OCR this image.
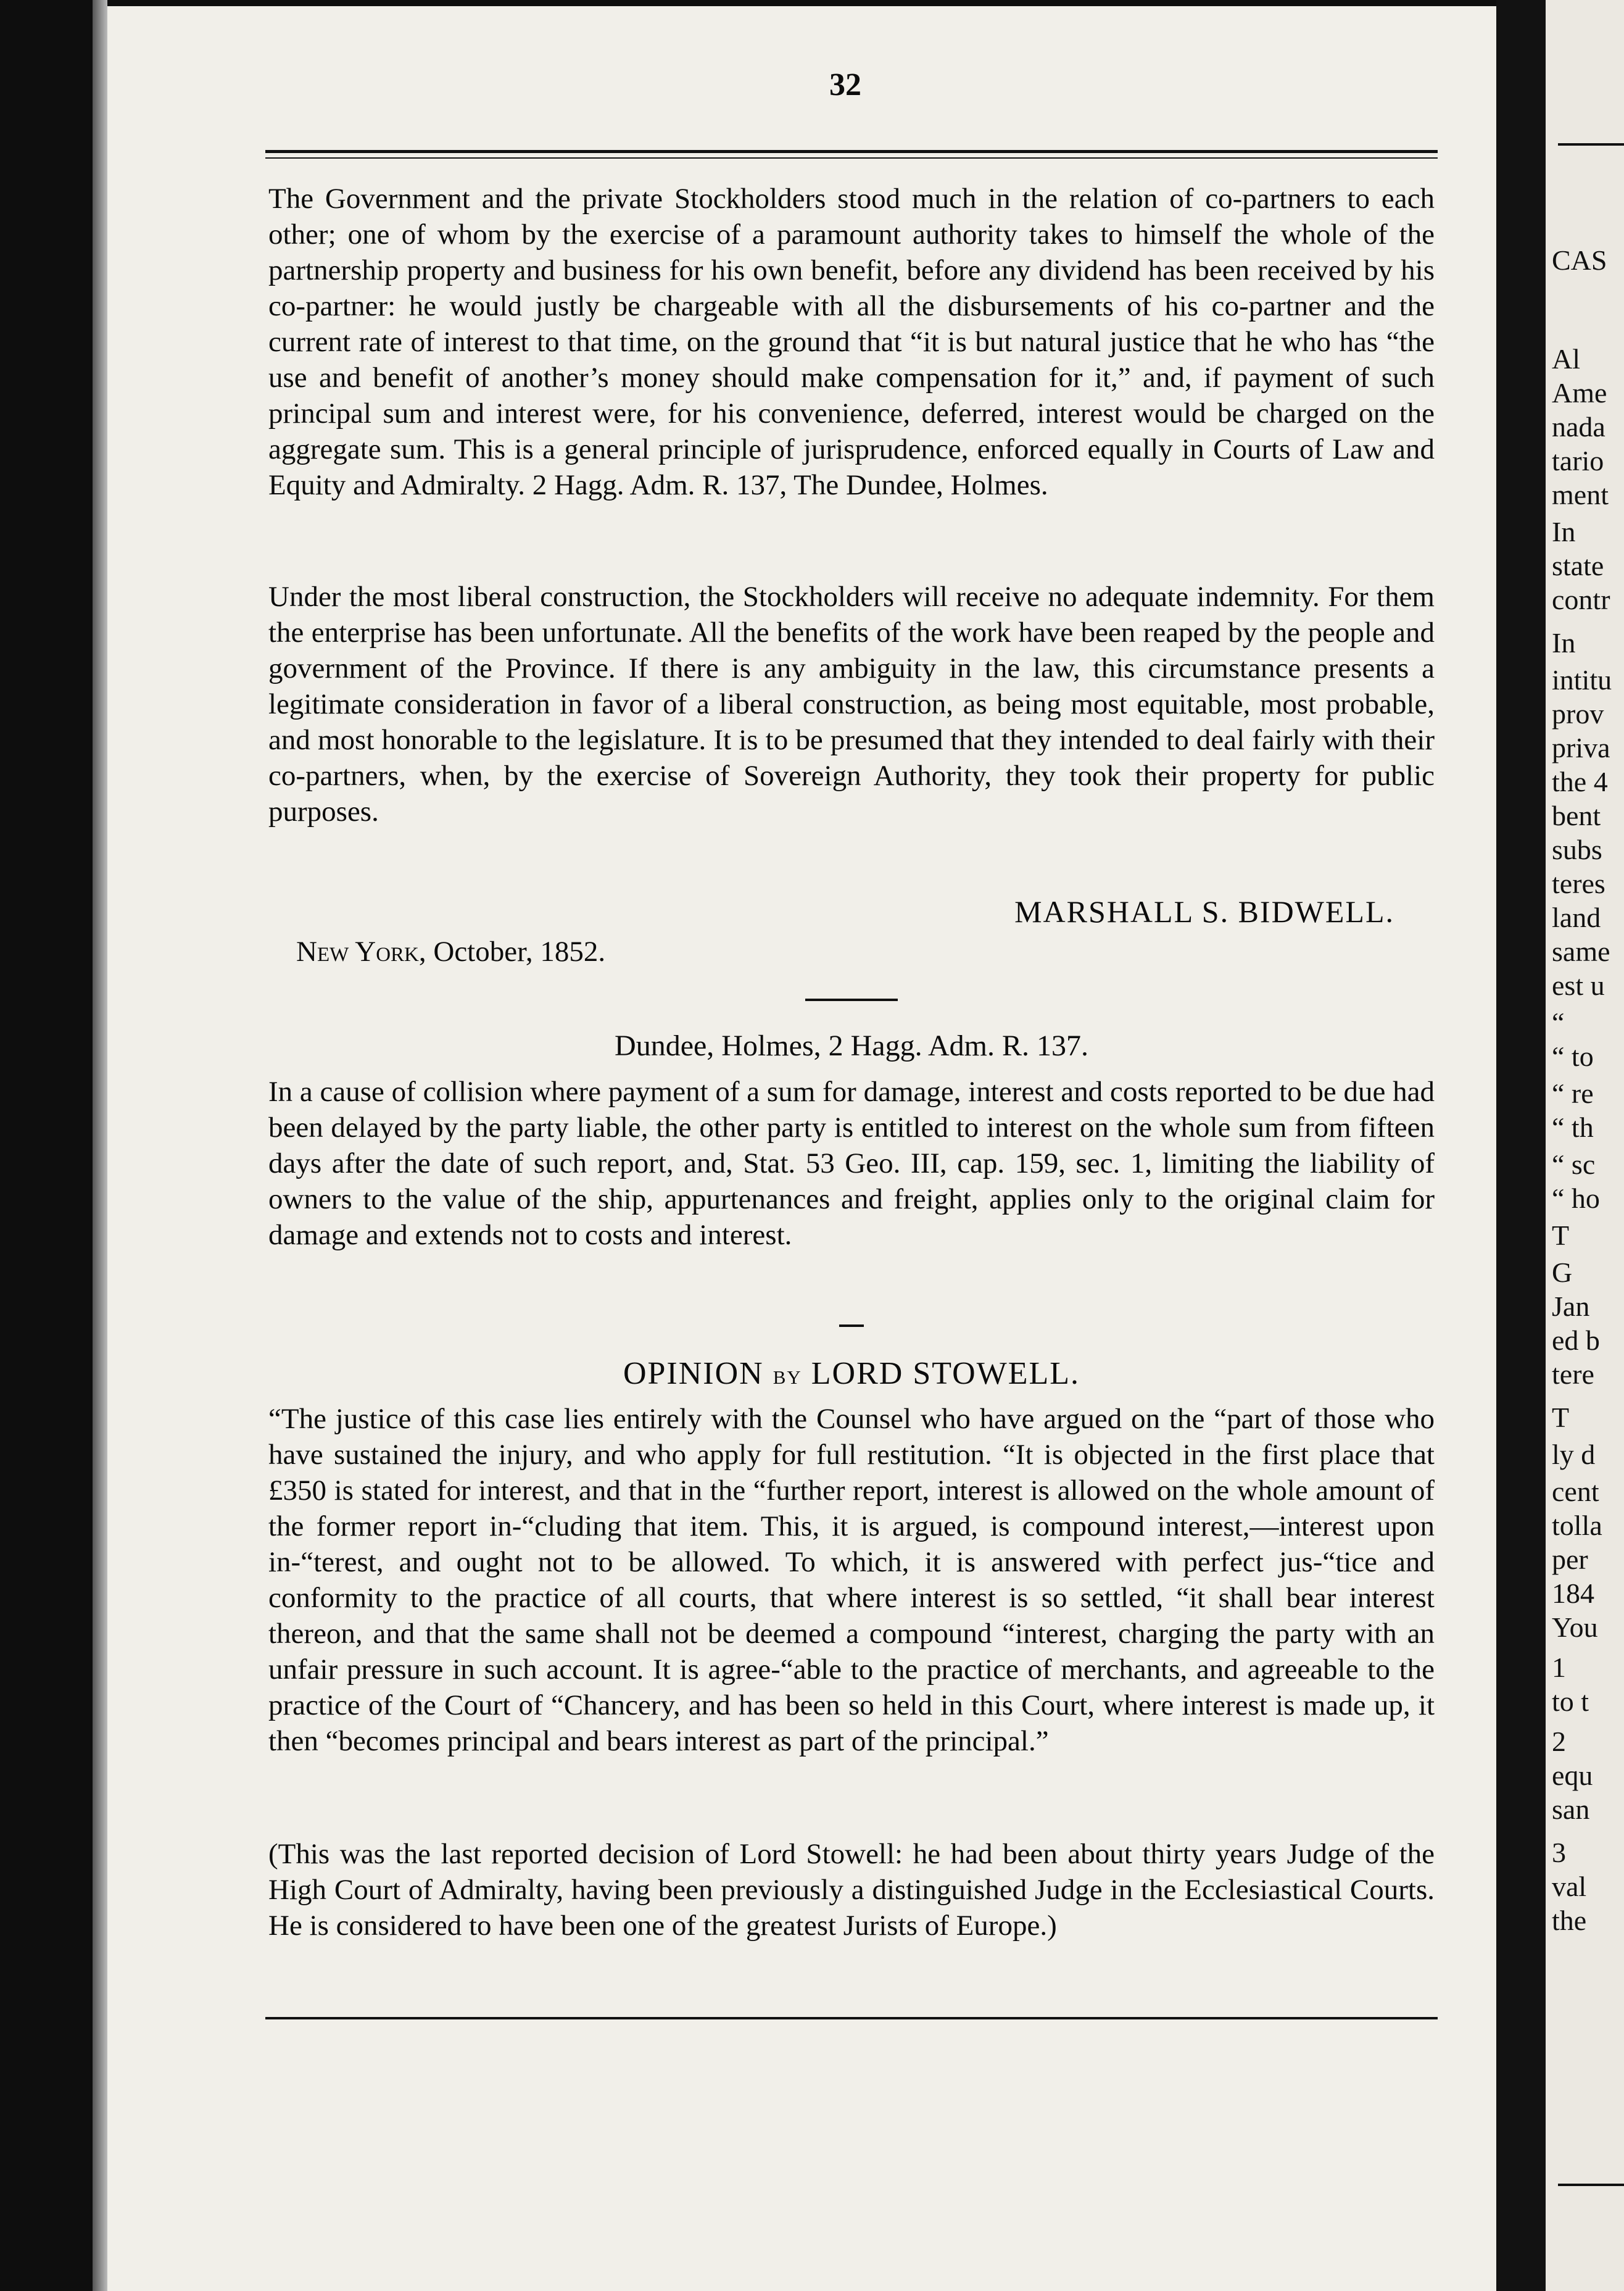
CAS
Al
Ame
nada
tario
ment
In
state
contr
In
intitu
prov
priva
the 4
bent
subs
teres
land
same
est u
“
“ to
“ re
“ th
“ sc
“ ho
T
G
Jan
ed b
tere
T
ly d
cent
tolla
per
184
You
1
to t
2
equ
san
3
val
the

32

The Government and the private Stockholders stood much in the relation of co-partners to each other; one of whom by the exercise of a paramount authority takes to himself the whole of the partnership property and business for his own benefit, before any dividend has been received by his co-partner: he would justly be chargeable with all the disbursements of his co-partner and the current rate of interest to that time, on the ground that “it is but natural justice that he who has “the use and benefit of another’s money should make compensation for it,” and, if payment of such principal sum and interest were, for his convenience, deferred, interest would be charged on the aggregate sum. This is a general principle of jurisprudence, enforced equally in Courts of Law and Equity and Admiralty. 2 Hagg. Adm. R. 137, The Dundee, Holmes.

Under the most liberal construction, the Stockholders will receive no adequate indemnity. For them the enterprise has been unfortunate. All the benefits of the work have been reaped by the people and government of the Province. If there is any ambiguity in the law, this circumstance presents a legitimate consideration in favor of a liberal construction, as being most equitable, most probable, and most honorable to the legislature. It is to be presumed that they intended to deal fairly with their co-partners, when, by the exercise of Sovereign Authority, they took their property for public purposes.

MARSHALL S. BIDWELL.
New York, October, 1852.

Dundee, Holmes, 2 Hagg. Adm. R. 137.

In a cause of collision where payment of a sum for damage, interest and costs reported to be due had been delayed by the party liable, the other party is entitled to interest on the whole sum from fifteen days after the date of such report, and, Stat. 53 Geo. III, cap. 159, sec. 1, limiting the liability of owners to the value of the ship, appurtenances and freight, applies only to the original claim for damage and extends not to costs and interest.

OPINION by LORD STOWELL.

“The justice of this case lies entirely with the Counsel who have argued on the “part of those who have sustained the injury, and who apply for full restitution. “It is objected in the first place that £350 is stated for interest, and that in the “further report, interest is allowed on the whole amount of the former report in-“cluding that item. This, it is argued, is compound interest,—interest upon in-“terest, and ought not to be allowed. To which, it is answered with perfect jus-“tice and conformity to the practice of all courts, that where interest is so settled, “it shall bear interest thereon, and that the same shall not be deemed a compound “interest, charging the party with an unfair pressure in such account. It is agree-“able to the practice of merchants, and agreeable to the practice of the Court of “Chancery, and has been so held in this Court, where interest is made up, it then “becomes principal and bears interest as part of the principal.”

(This was the last reported decision of Lord Stowell: he had been about thirty years Judge of the High Court of Admiralty, having been previously a distinguished Judge in the Ecclesiastical Courts. He is considered to have been one of the greatest Jurists of Europe.)
